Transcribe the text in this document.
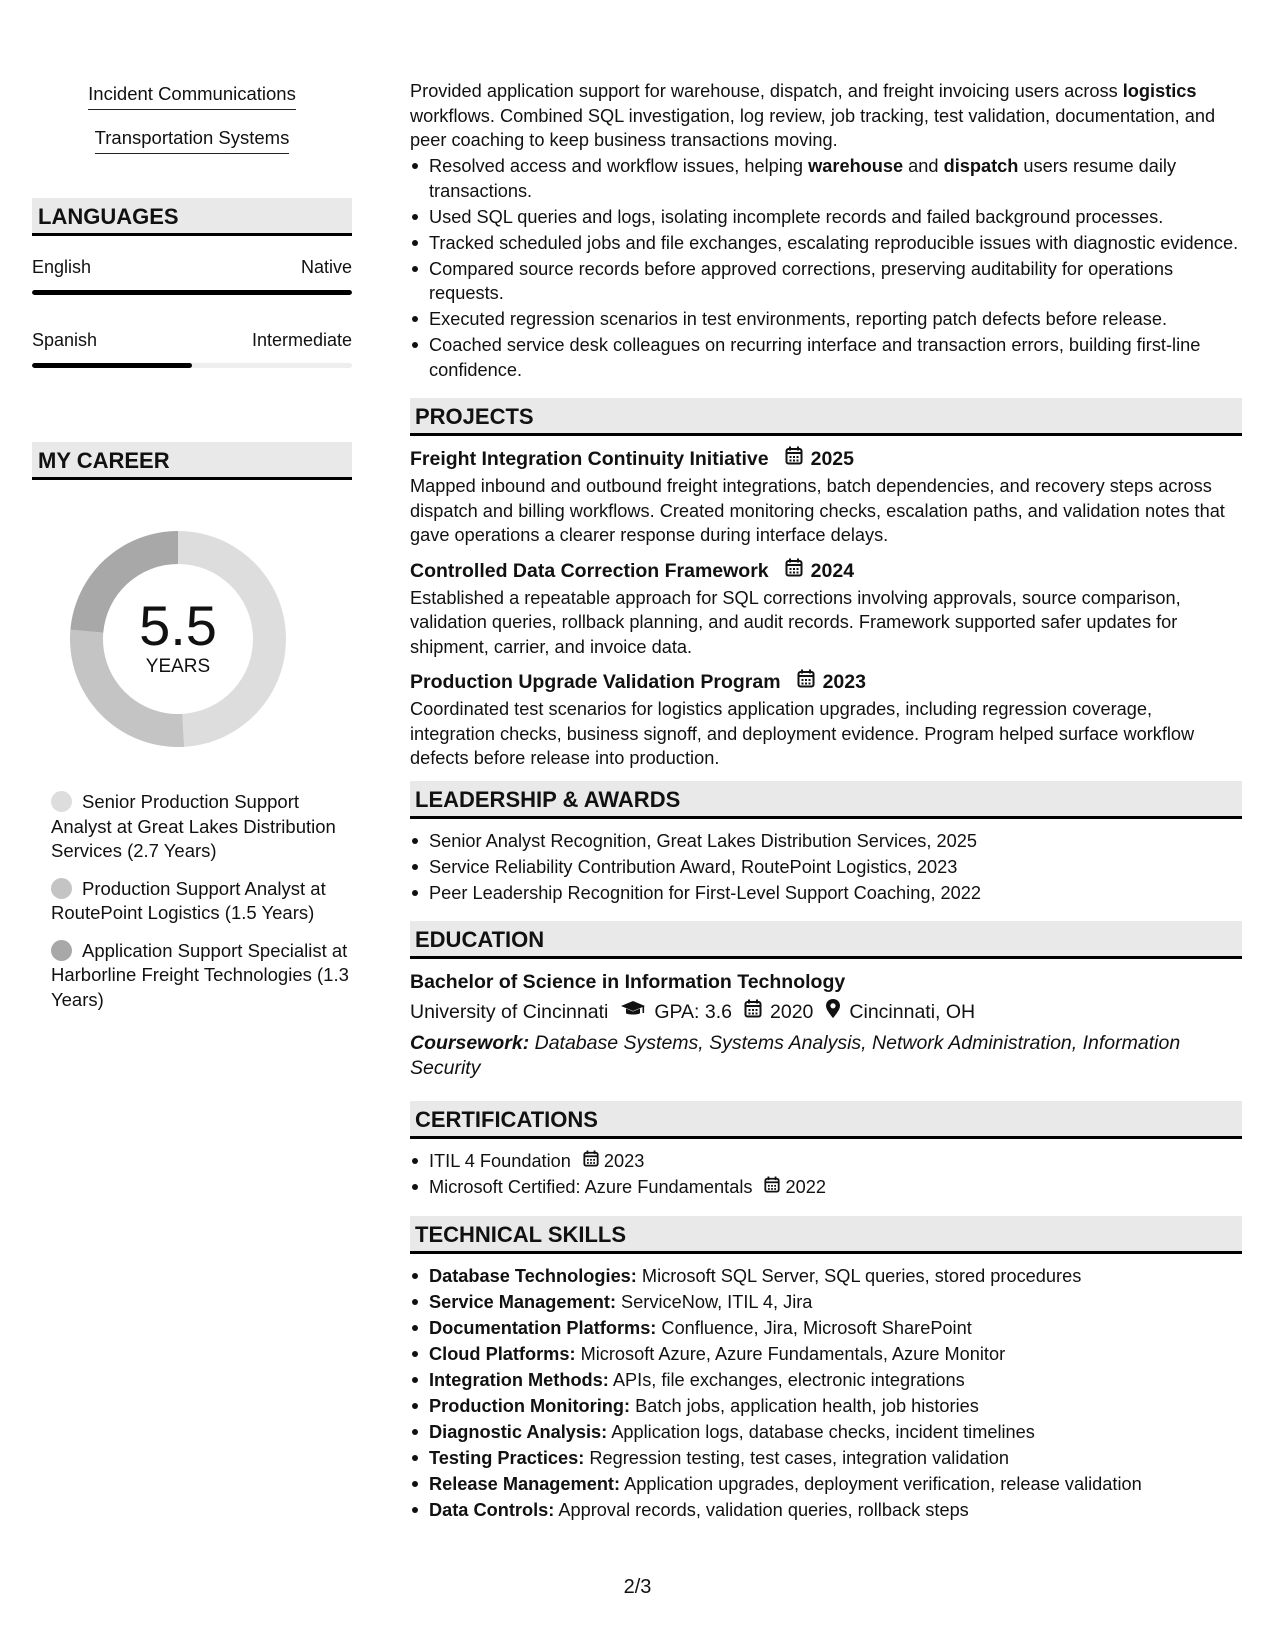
Incident Communications
Transportation Systems
LANGUAGES
English	Native
Spanish	Intermediate
MY CAREER
5.5
YEARS
Senior Production Support Analyst at Great Lakes Distribution Services (2.7 Years)
Production Support Analyst at RoutePoint Logistics (1.5 Years)
Application Support Specialist at Harborline Freight Technologies (1.3 Years)
Provided application support for warehouse, dispatch, and freight invoicing users across logistics workflows. Combined SQL investigation, log review, job tracking, test validation, documentation, and peer coaching to keep business transactions moving.
Resolved access and workflow issues, helping warehouse and dispatch users resume daily transactions.
Used SQL queries and logs, isolating incomplete records and failed background processes.
Tracked scheduled jobs and file exchanges, escalating reproducible issues with diagnostic evidence.
Compared source records before approved corrections, preserving auditability for operations requests.
Executed regression scenarios in test environments, reporting patch defects before release.
Coached service desk colleagues on recurring interface and transaction errors, building first-line confidence.
PROJECTS
Freight Integration Continuity Initiative 2025
Mapped inbound and outbound freight integrations, batch dependencies, and recovery steps across dispatch and billing workflows. Created monitoring checks, escalation paths, and validation notes that gave operations a clearer response during interface delays.
Controlled Data Correction Framework 2024
Established a repeatable approach for SQL corrections involving approvals, source comparison, validation queries, rollback planning, and audit records. Framework supported safer updates for shipment, carrier, and invoice data.
Production Upgrade Validation Program 2023
Coordinated test scenarios for logistics application upgrades, including regression coverage, integration checks, business signoff, and deployment evidence. Program helped surface workflow defects before release into production.
LEADERSHIP & AWARDS
Senior Analyst Recognition, Great Lakes Distribution Services, 2025
Service Reliability Contribution Award, RoutePoint Logistics, 2023
Peer Leadership Recognition for First-Level Support Coaching, 2022
EDUCATION
Bachelor of Science in Information Technology
University of Cincinnati GPA: 3.6 2020 Cincinnati, OH
Coursework: Database Systems, Systems Analysis, Network Administration, Information Security
CERTIFICATIONS
ITIL 4 Foundation 2023
Microsoft Certified: Azure Fundamentals 2022
TECHNICAL SKILLS
Database Technologies: Microsoft SQL Server, SQL queries, stored procedures
Service Management: ServiceNow, ITIL 4, Jira
Documentation Platforms: Confluence, Jira, Microsoft SharePoint
Cloud Platforms: Microsoft Azure, Azure Fundamentals, Azure Monitor
Integration Methods: APIs, file exchanges, electronic integrations
Production Monitoring: Batch jobs, application health, job histories
Diagnostic Analysis: Application logs, database checks, incident timelines
Testing Practices: Regression testing, test cases, integration validation
Release Management: Application upgrades, deployment verification, release validation
Data Controls: Approval records, validation queries, rollback steps
2/3
